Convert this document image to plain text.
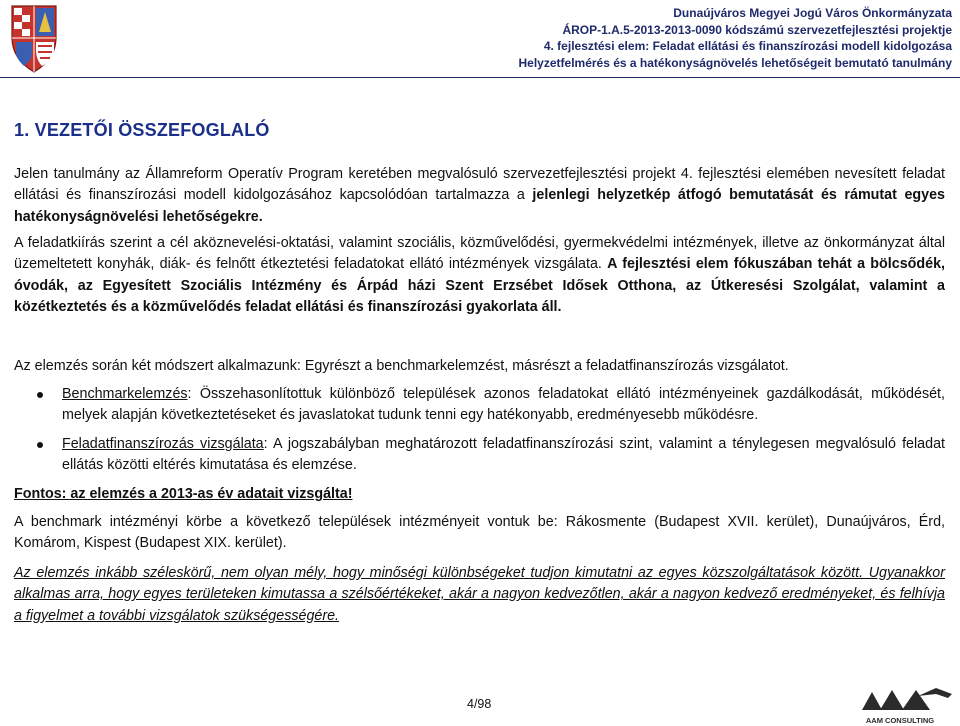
Dunaújváros Megyei Jogú Város Önkormányzata
ÁROP-1.A.5-2013-2013-0090 kódszámú szervezetfejlesztési projektje
4. fejlesztési elem: Feladat ellátási és finanszírozási modell kidolgozása
Helyzetfelmérés és a hatékonyságnövelés lehetőségeit bemutató tanulmány
1. VEZETŐI ÖSSZEFOGLALÓ
Jelen tanulmány az Államreform Operatív Program keretében megvalósuló szervezetfejlesztési projekt 4. fejlesztési elemében nevesített feladat ellátási és finanszírozási modell kidolgozásához kapcsolódóan tartalmazza a jelenlegi helyzetkép átfogó bemutatását és rámutat egyes hatékonyságnövelési lehetőségekre.
A feladatkiírás szerint a cél aköznevelési-oktatási, valamint szociális, közművelődési, gyermekvédelmi intézmények, illetve az önkormányzat által üzemeltetett konyhák, diák- és felnőtt étkeztetési feladatokat ellátó intézmények vizsgálata. A fejlesztési elem fókuszában tehát a bölcsődék, óvodák, az Egyesített Szociális Intézmény és Árpád házi Szent Erzsébet Idősek Otthona, az Útkeresési Szolgálat, valamint a közétkeztetés és a közművelődés feladat ellátási és finanszírozási gyakorlata áll.
Az elemzés során két módszert alkalmazunk: Egyrészt a benchmarkelemzést, másrészt a feladatfinanszírozás vizsgálatot.
Benchmarkelemzés: Összehasonlítottuk különböző települések azonos feladatokat ellátó intézményeinek gazdálkodását, működését, melyek alapján következtetéseket és javaslatokat tudunk tenni egy hatékonyabb, eredményesebb működésre.
Feladatfinanszírozás vizsgálata: A jogszabályban meghatározott feladatfinanszírozási szint, valamint a ténylegesen megvalósuló feladat ellátás közötti eltérés kimutatása és elemzése.
Fontos: az elemzés a 2013-as év adatait vizsgálta!
A benchmark intézményi körbe a következő települések intézményeit vontuk be: Rákosmente (Budapest XVII. kerület), Dunaújváros, Érd, Komárom, Kispest (Budapest XIX. kerület).
Az elemzés inkább széleskörű, nem olyan mély, hogy minőségi különbségeket tudjon kimutatni az egyes közszolgáltatások között. Ugyanakkor alkalmas arra, hogy egyes területeken kimutassa a szélsőértékeket, akár a nagyon kedvezőtlen, akár a nagyon kedvező eredményeket, és felhívja a figyelmet a további vizsgálatok szükségességére.
4/98
AAM CONSULTING
